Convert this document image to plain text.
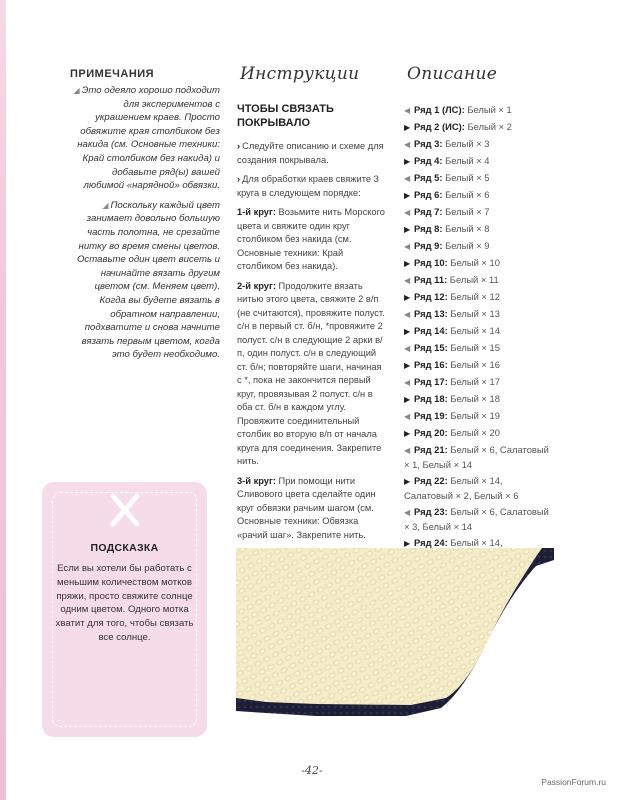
ПРИМЕЧАНИЯ

◢ Это одеяло хорошо подходит для экспериментов с украшением краев. Просто обвяжите края столбиком без накида (см. Основные техники: Край столбиком без накида) и добавьте ряд(ы) вашей любимой «нарядной» обвязки.

◢ Поскольку каждый цвет занимает довольно большую часть полотна, не срезайте нитку во время смены цветов. Оставьте один цвет висеть и начинайте вязать другим цветом (см. Меняем цвет). Когда вы будете вязать в обратном направлении, подхватите и снова начните вязать первым цветом, когда это будет необходимо.

ПОДСКАЗКА
Если вы хотели бы работать с меньшим количеством мотков пряжи, просто свяжите солнце одним цветом. Одного мотка хватит для того, чтобы связать все солнце.
Инструкции
ЧТОБЫ СВЯЗАТЬ ПОКРЫВАЛО

› Следуйте описанию и схеме для создания покрывала.

› Для обработки краев свяжите 3 круга в следующем порядке:

1-й круг: Возьмите нить Морского цвета и свяжите один круг столбиком без накида (см. Основные техники: Край столбиком без накида).

2-й круг: Продолжите вязать нитью этого цвета, свяжите 2 в/п (не считаются), провяжите полуст. с/н в первый ст. б/н, *провяжите 2 полуст. с/н в следующие 2 арки в/п, один полуст. с/н в следующий ст. б/н; повторяйте шаги, начиная с *, пока не закончится первый круг, провязывая 2 полуст. с/н в оба ст. б/н в каждом углу. Провяжите соединительный столбик во вторую в/п от начала круга для соединения. Закрепите нить.

3-й круг: При помощи нити Сливового цвета сделайте один круг обвязки рачьим шагом (см. Основные техники: Обвязка «рачий шаг». Закрепите нить.

Описание
◀ Ряд 1 (ЛС): Белый × 1
▶ Ряд 2 (ИС): Белый × 2
◀ Ряд 3: Белый × 3
▶ Ряд 4: Белый × 4
◀ Ряд 5: Белый × 5
▶ Ряд 6: Белый × 6
◀ Ряд 7: Белый × 7
▶ Ряд 8: Белый × 8
◀ Ряд 9: Белый × 9
▶ Ряд 10: Белый × 10
◀ Ряд 11: Белый × 11
▶ Ряд 12: Белый × 12
◀ Ряд 13: Белый × 13
▶ Ряд 14: Белый × 14
◀ Ряд 15: Белый × 15
▶ Ряд 16: Белый × 16
◀ Ряд 17: Белый × 17
▶ Ряд 18: Белый × 18
◀ Ряд 19: Белый × 19
▶ Ряд 20: Белый × 20
◀ Ряд 21: Белый × 6, Салатовый × 1, Белый × 14
▶ Ряд 22: Белый × 14, Салатовый × 2, Белый × 6
◀ Ряд 23: Белый × 6, Салатовый × 3, Белый × 14
▶ Ряд 24: Белый × 14,
-42-
PassionForum.ru
